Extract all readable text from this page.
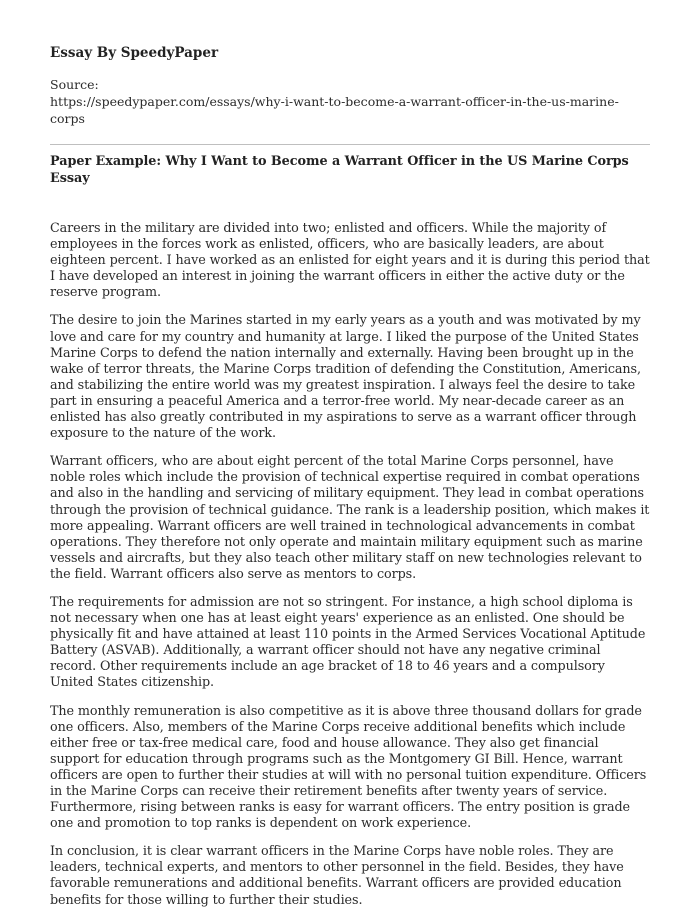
Essay By SpeedyPaper

Source:
https://speedypaper.com/essays/why-i-want-to-become-a-warrant-officer-in-the-us-marine-corps

Paper Example: Why I Want to Become a Warrant Officer in the US Marine Corps Essay

Careers in the military are divided into two; enlisted and officers. While the majority of employees in the forces work as enlisted, officers, who are basically leaders, are about eighteen percent. I have worked as an enlisted for eight years and it is during this period that I have developed an interest in joining the warrant officers in either the active duty or the reserve program.

The desire to join the Marines started in my early years as a youth and was motivated by my love and care for my country and humanity at large. I liked the purpose of the United States Marine Corps to defend the nation internally and externally. Having been brought up in the wake of terror threats, the Marine Corps tradition of defending the Constitution, Americans, and stabilizing the entire world was my greatest inspiration. I always feel the desire to take part in ensuring a peaceful America and a terror-free world. My near-decade career as an enlisted has also greatly contributed in my aspirations to serve as a warrant officer through exposure to the nature of the work.

Warrant officers, who are about eight percent of the total Marine Corps personnel, have noble roles which include the provision of technical expertise required in combat operations and also in the handling and servicing of military equipment. They lead in combat operations through the provision of technical guidance. The rank is a leadership position, which makes it more appealing. Warrant officers are well trained in technological advancements in combat operations. They therefore not only operate and maintain military equipment such as marine vessels and aircrafts, but they also teach other military staff on new technologies relevant to the field. Warrant officers also serve as mentors to corps.

The requirements for admission are not so stringent. For instance, a high school diploma is not necessary when one has at least eight years' experience as an enlisted. One should be physically fit and have attained at least 110 points in the Armed Services Vocational Aptitude Battery (ASVAB). Additionally, a warrant officer should not have any negative criminal record. Other requirements include an age bracket of 18 to 46 years and a compulsory United States citizenship.

The monthly remuneration is also competitive as it is above three thousand dollars for grade one officers. Also, members of the Marine Corps receive additional benefits which include either free or tax-free medical care, food and house allowance. They also get financial support for education through programs such as the Montgomery GI Bill. Hence, warrant officers are open to further their studies at will with no personal tuition expenditure. Officers in the Marine Corps can receive their retirement benefits after twenty years of service. Furthermore, rising between ranks is easy for warrant officers. The entry position is grade one and promotion to top ranks is dependent on work experience.

In conclusion, it is clear warrant officers in the Marine Corps have noble roles. They are leaders, technical experts, and mentors to other personnel in the field. Besides, they have favorable remunerations and additional benefits. Warrant officers are provided education benefits for those willing to further their studies.
